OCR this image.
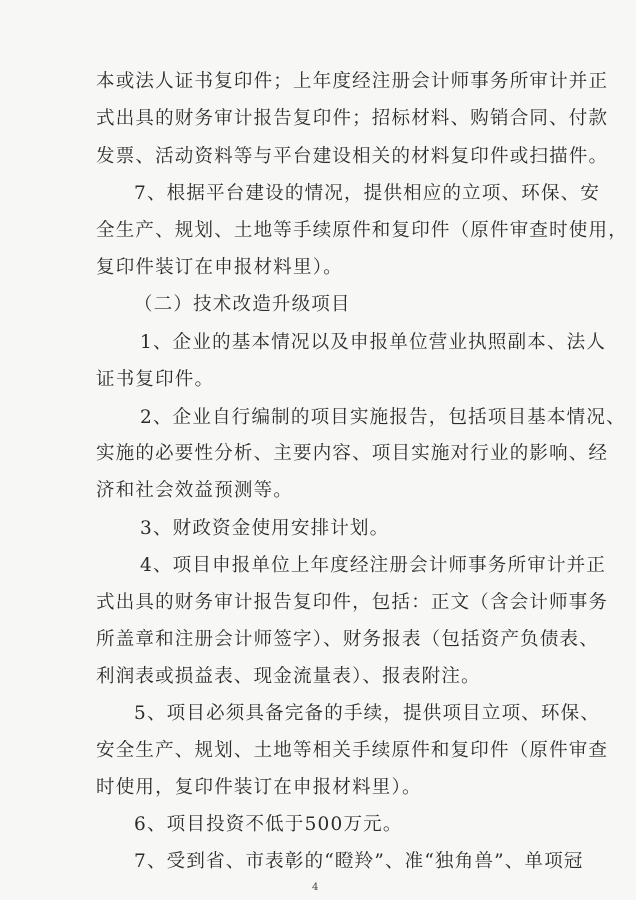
本或法人证书复印件；上年度经注册会计师事务所审计并正
式出具的财务审计报告复印件；招标材料、购销合同、付款
发票、活动资料等与平台建设相关的材料复印件或扫描件。
7、根据平台建设的情况，提供相应的立项、环保、安
全生产、规划、土地等手续原件和复印件（原件审查时使用，
复印件装订在申报材料里）。
（二）技术改造升级项目
1、企业的基本情况以及申报单位营业执照副本、法人
证书复印件。
2、企业自行编制的项目实施报告，包括项目基本情况、
实施的必要性分析、主要内容、项目实施对行业的影响、经
济和社会效益预测等。
3、财政资金使用安排计划。
4、项目申报单位上年度经注册会计师事务所审计并正
式出具的财务审计报告复印件，包括：正文（含会计师事务
所盖章和注册会计师签字）、财务报表（包括资产负债表、
利润表或损益表、现金流量表）、报表附注。
5、项目必须具备完备的手续，提供项目立项、环保、
安全生产、规划、土地等相关手续原件和复印件（原件审查
时使用，复印件装订在申报材料里）。
6、项目投资不低于500万元。
7、受到省、市表彰的“瞪羚”、准“独角兽”、单项冠
4
